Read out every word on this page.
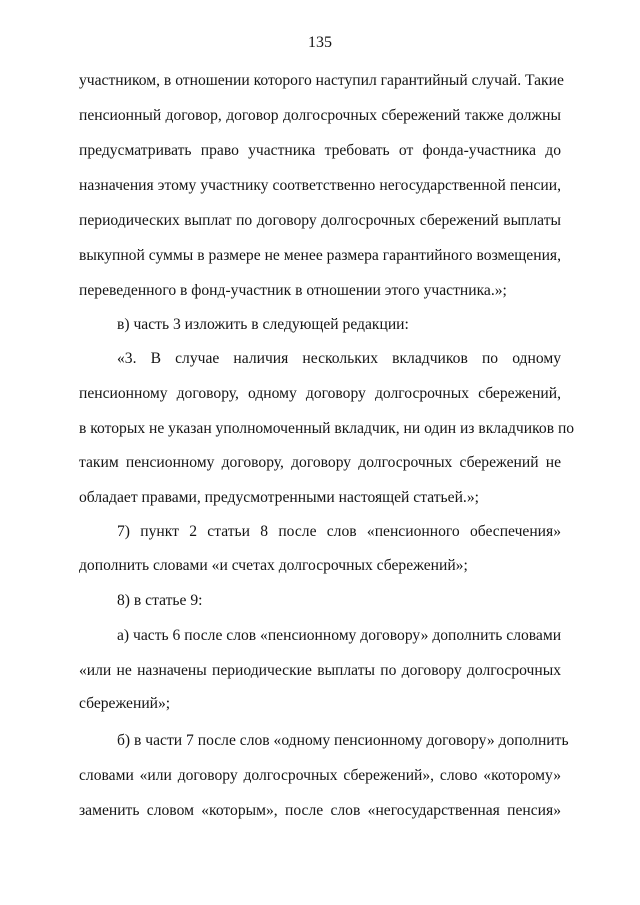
135
участником, в отношении которого наступил гарантийный случай. Такие
пенсионный договор, договор долгосрочных сбережений также должны
предусматривать право участника требовать от фонда-участника до
назначения этому участнику соответственно негосударственной пенсии,
периодических выплат по договору долгосрочных сбережений выплаты
выкупной суммы в размере не менее размера гарантийного возмещения,
переведенного в фонд-участник в отношении этого участника.»;
в) часть 3 изложить в следующей редакции:
«3. В случае наличия нескольких вкладчиков по одному
пенсионному договору, одному договору долгосрочных сбережений,
в которых не указан уполномоченный вкладчик, ни один из вкладчиков по
таким пенсионному договору, договору долгосрочных сбережений не
обладает правами, предусмотренными настоящей статьей.»;
7) пункт 2 статьи 8 после слов «пенсионного обеспечения»
дополнить словами «и счетах долгосрочных сбережений»;
8) в статье 9:
а) часть 6 после слов «пенсионному договору» дополнить словами
«или не назначены периодические выплаты по договору долгосрочных
сбережений»;
б) в части 7 после слов «одному пенсионному договору» дополнить
словами «или договору долгосрочных сбережений», слово «которому»
заменить словом «которым», после слов «негосударственная пенсия»
